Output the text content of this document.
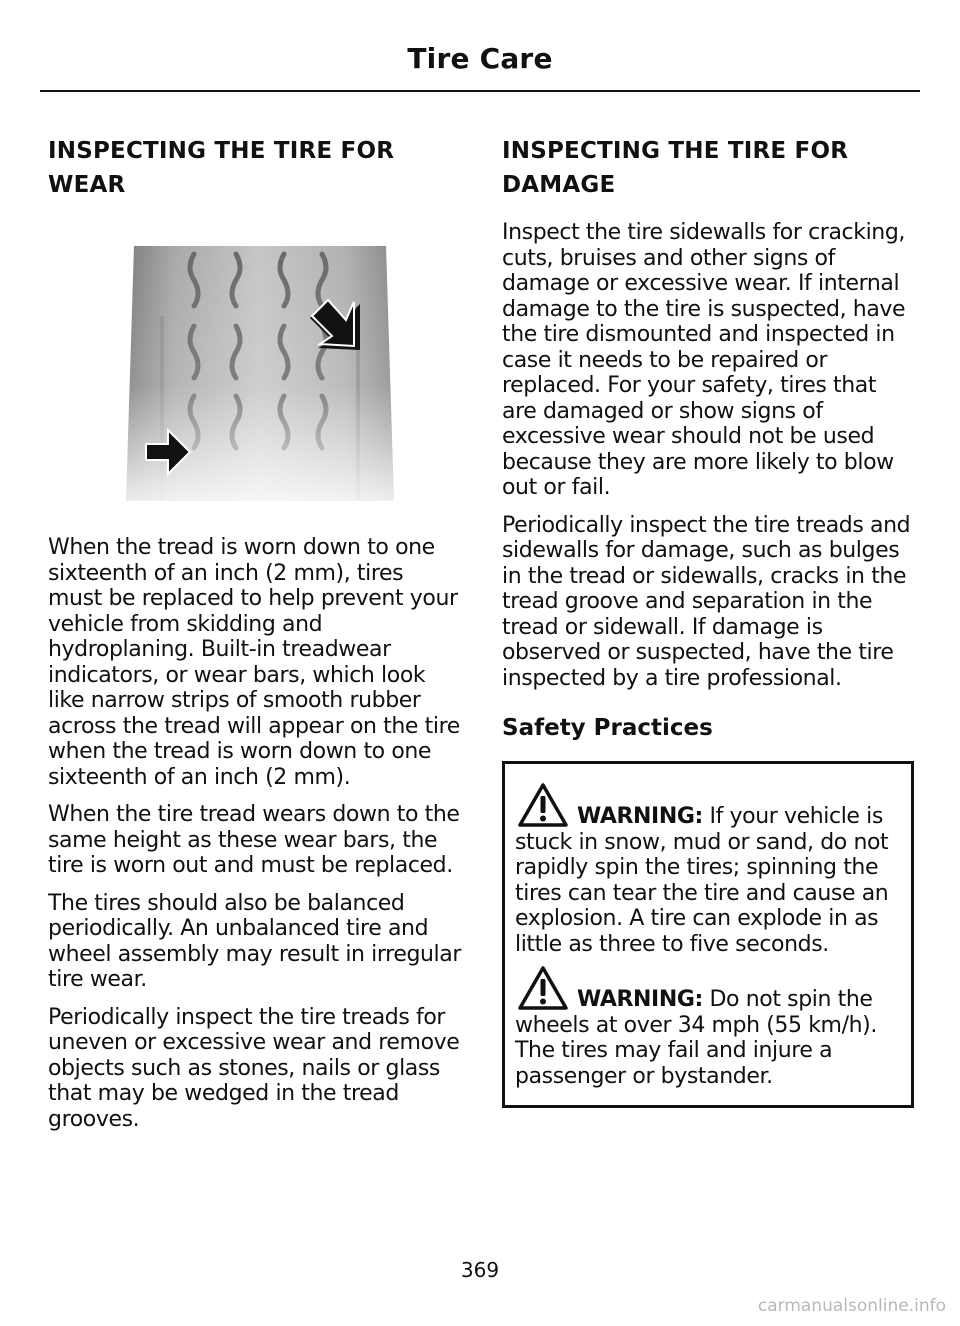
Tire Care
INSPECTING THE TIRE FOR WEAR

When the tread is worn down to one sixteenth of an inch (2 mm), tires must be replaced to help prevent your vehicle from skidding and hydroplaning. Built-in treadwear indicators, or wear bars, which look like narrow strips of smooth rubber across the tread will appear on the tire when the tread is worn down to one sixteenth of an inch (2 mm).

When the tire tread wears down to the same height as these wear bars, the tire is worn out and must be replaced.

The tires should also be balanced periodically. An unbalanced tire and wheel assembly may result in irregular tire wear.

Periodically inspect the tire treads for uneven or excessive wear and remove objects such as stones, nails or glass that may be wedged in the tread grooves.

INSPECTING THE TIRE FOR DAMAGE

Inspect the tire sidewalls for cracking, cuts, bruises and other signs of damage or excessive wear. If internal damage to the tire is suspected, have the tire dismounted and inspected in case it needs to be repaired or replaced. For your safety, tires that are damaged or show signs of excessive wear should not be used because they are more likely to blow out or fail.

Periodically inspect the tire treads and sidewalls for damage, such as bulges in the tread or sidewalls, cracks in the tread groove and separation in the tread or sidewall. If damage is observed or suspected, have the tire inspected by a tire professional.

Safety Practices

WARNING: If your vehicle is stuck in snow, mud or sand, do not rapidly spin the tires; spinning the tires can tear the tire and cause an explosion. A tire can explode in as little as three to five seconds.

WARNING: Do not spin the wheels at over 34 mph (55 km/h). The tires may fail and injure a passenger or bystander.

369
carmanualsonline.info
